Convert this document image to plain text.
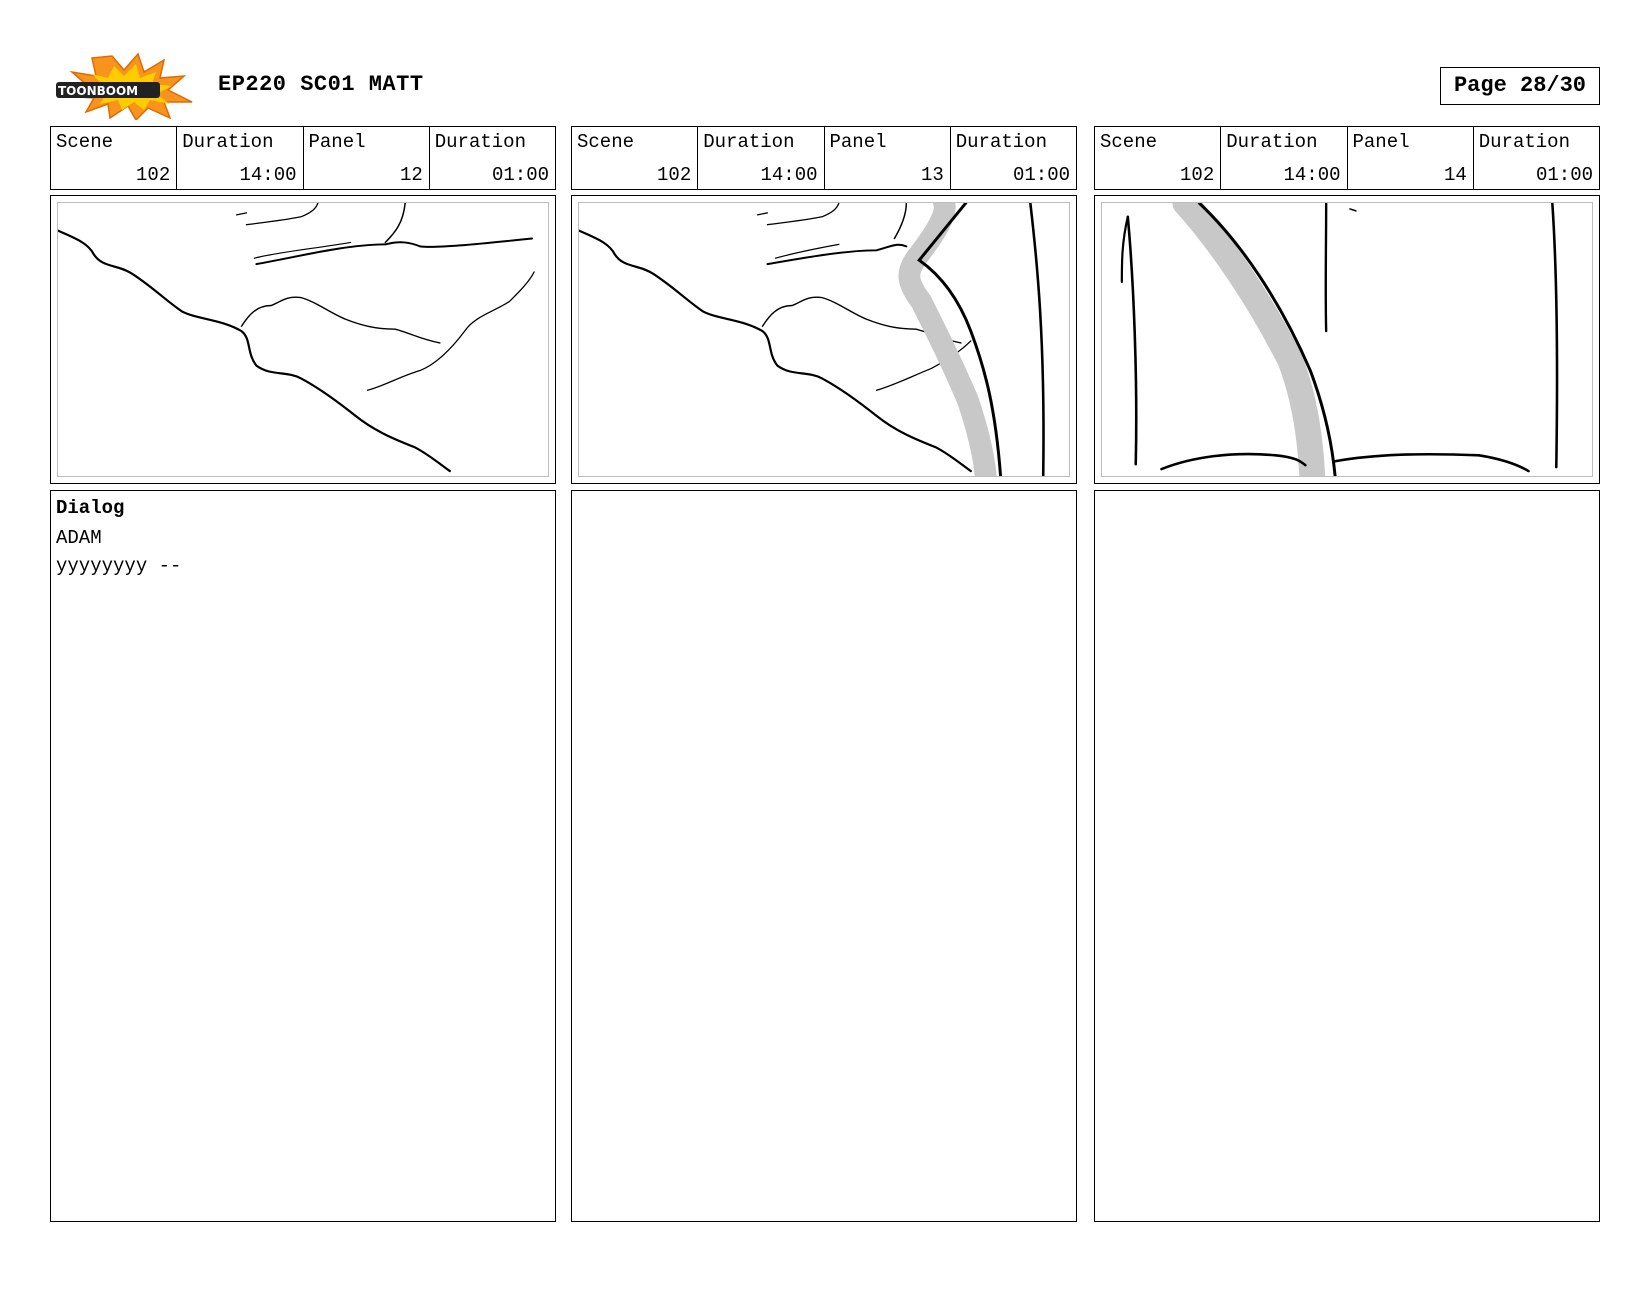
TOONBOOM	EP220 SC01 MATT	Page 28/30
Scene
102
Duration
14:00
Panel
12
Duration
01:00
Dialog
ADAM
yyyyyyyy --
Scene
102
Duration
14:00
Panel
13
Duration
01:00
Scene
102
Duration
14:00
Panel
14
Duration
01:00
